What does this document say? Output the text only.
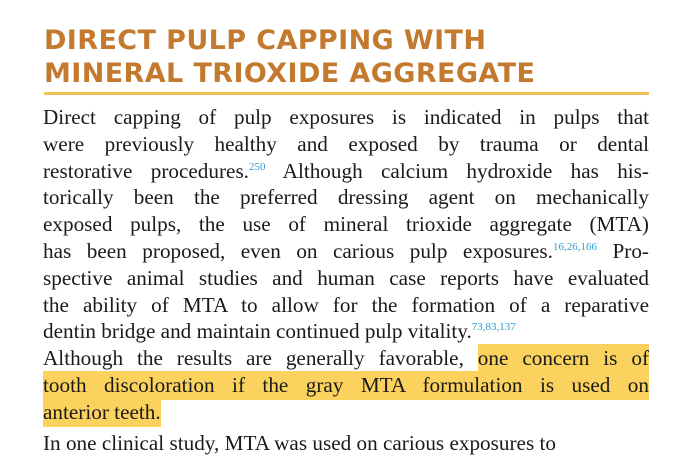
DIRECT PULP CAPPING WITH
MINERAL TRIOXIDE AGGREGATE
Direct capping of pulp exposures is indicated in pulps that
were previously healthy and exposed by trauma or dental
restorative procedures.$^{250}$ Although calcium hydroxide has his-
torically been the preferred dressing agent on mechanically
exposed pulps, the use of mineral trioxide aggregate (MTA)
has been proposed, even on carious pulp exposures.$^{16,26,166}$ Pro-
spective animal studies and human case reports have evaluated
the ability of MTA to allow for the formation of a reparative
dentin bridge and maintain continued pulp vitality.$^{73,83,137}$
Although the results are generally favorable, one concern is of
tooth discoloration if the gray MTA formulation is used on
anterior teeth.
In one clinical study, MTA was used on carious exposures to
